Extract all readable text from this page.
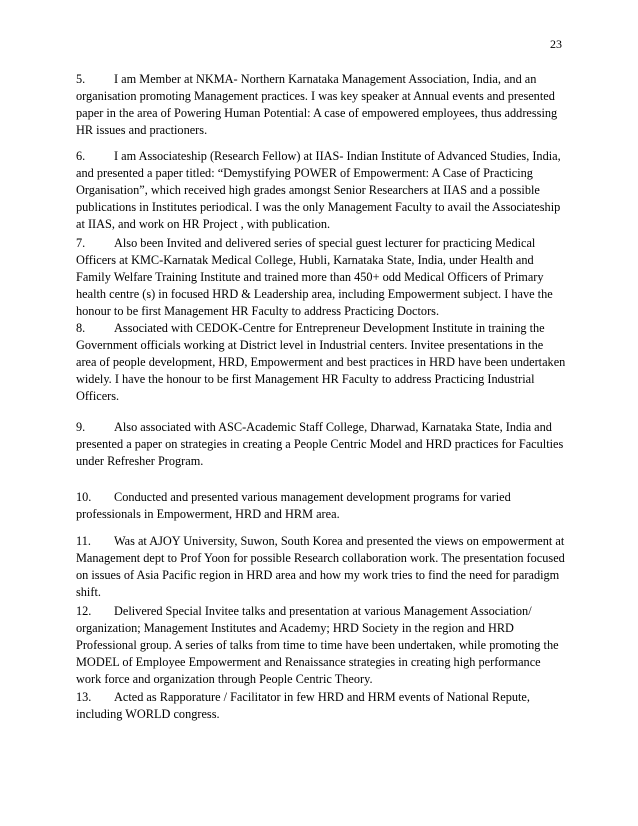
23

5. I am Member at NKMA- Northern Karnataka Management Association, India, and an organisation promoting Management practices. I was key speaker at Annual events and presented paper in the area of Powering Human Potential: A case of empowered employees, thus addressing HR issues and practioners.

6. I am Associateship (Research Fellow) at IIAS- Indian Institute of Advanced Studies, India, and presented a paper titled: “Demystifying POWER of Empowerment: A Case of Practicing Organisation”, which received high grades amongst Senior Researchers at IIAS and a possible publications in Institutes periodical. I was the only Management Faculty to avail the Associateship at IIAS, and work on HR Project , with publication.

7. Also been Invited and delivered series of special guest lecturer for practicing Medical Officers at KMC-Karnatak Medical College, Hubli, Karnataka State, India, under Health and Family Welfare Training Institute and trained more than 450+ odd Medical Officers of Primary health centre (s) in focused HRD & Leadership area, including Empowerment subject. I have the honour to be first Management HR Faculty to address Practicing Doctors.

8. Associated with CEDOK-Centre for Entrepreneur Development Institute in training the Government officials working at District level in Industrial centers. Invitee presentations in the area of people development, HRD, Empowerment and best practices in HRD have been undertaken widely. I have the honour to be first Management HR Faculty to address Practicing Industrial Officers.

9. Also associated with ASC-Academic Staff College, Dharwad, Karnataka State, India and presented a paper on strategies in creating a People Centric Model and HRD practices for Faculties under Refresher Program.

10. Conducted and presented various management development programs for varied professionals in Empowerment, HRD and HRM area.

11. Was at AJOY University, Suwon, South Korea and presented the views on empowerment at Management dept to Prof Yoon for possible Research collaboration work. The presentation focused on issues of Asia Pacific region in HRD area and how my work tries to find the need for paradigm shift.

12. Delivered Special Invitee talks and presentation at various Management Association/ organization; Management Institutes and Academy; HRD Society in the region and HRD Professional group. A series of talks from time to time have been undertaken, while promoting the MODEL of Employee Empowerment and Renaissance strategies in creating high performance work force and organization through People Centric Theory.

13. Acted as Rapporature / Facilitator in few HRD and HRM events of National Repute, including WORLD congress.
